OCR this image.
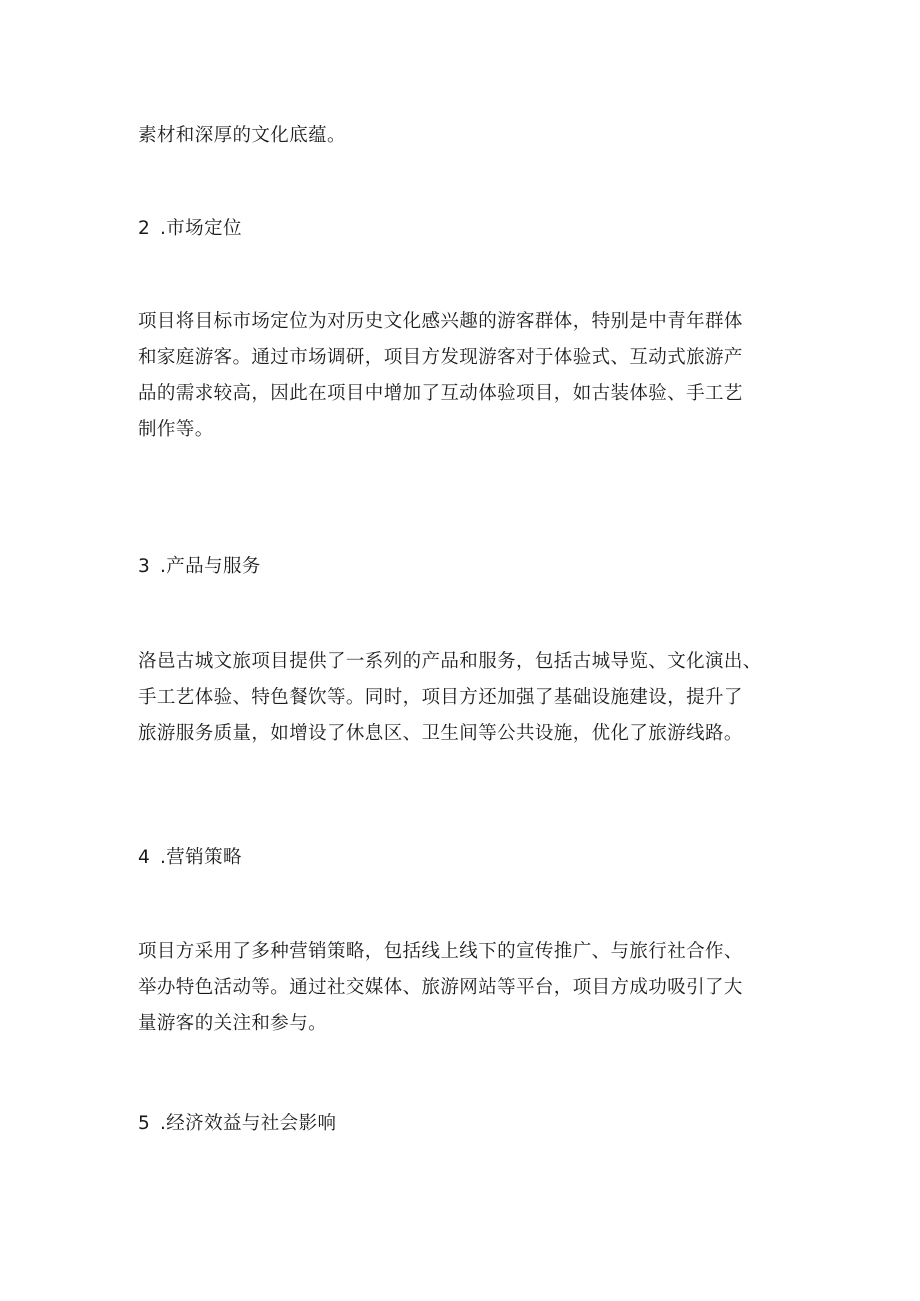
素材和深厚的文化底蕴。

2 .市场定位

项目将目标市场定位为对历史文化感兴趣的游客群体，特别是中青年群体
和家庭游客。通过市场调研，项目方发现游客对于体验式、互动式旅游产
品的需求较高，因此在项目中增加了互动体验项目，如古装体验、手工艺
制作等。

3 .产品与服务

洛邑古城文旅项目提供了一系列的产品和服务，包括古城导览、文化演出、
手工艺体验、特色餐饮等。同时，项目方还加强了基础设施建设，提升了
旅游服务质量，如增设了休息区、卫生间等公共设施，优化了旅游线路。

4 .营销策略

项目方采用了多种营销策略，包括线上线下的宣传推广、与旅行社合作、
举办特色活动等。通过社交媒体、旅游网站等平台，项目方成功吸引了大
量游客的关注和参与。

5 .经济效益与社会影响
